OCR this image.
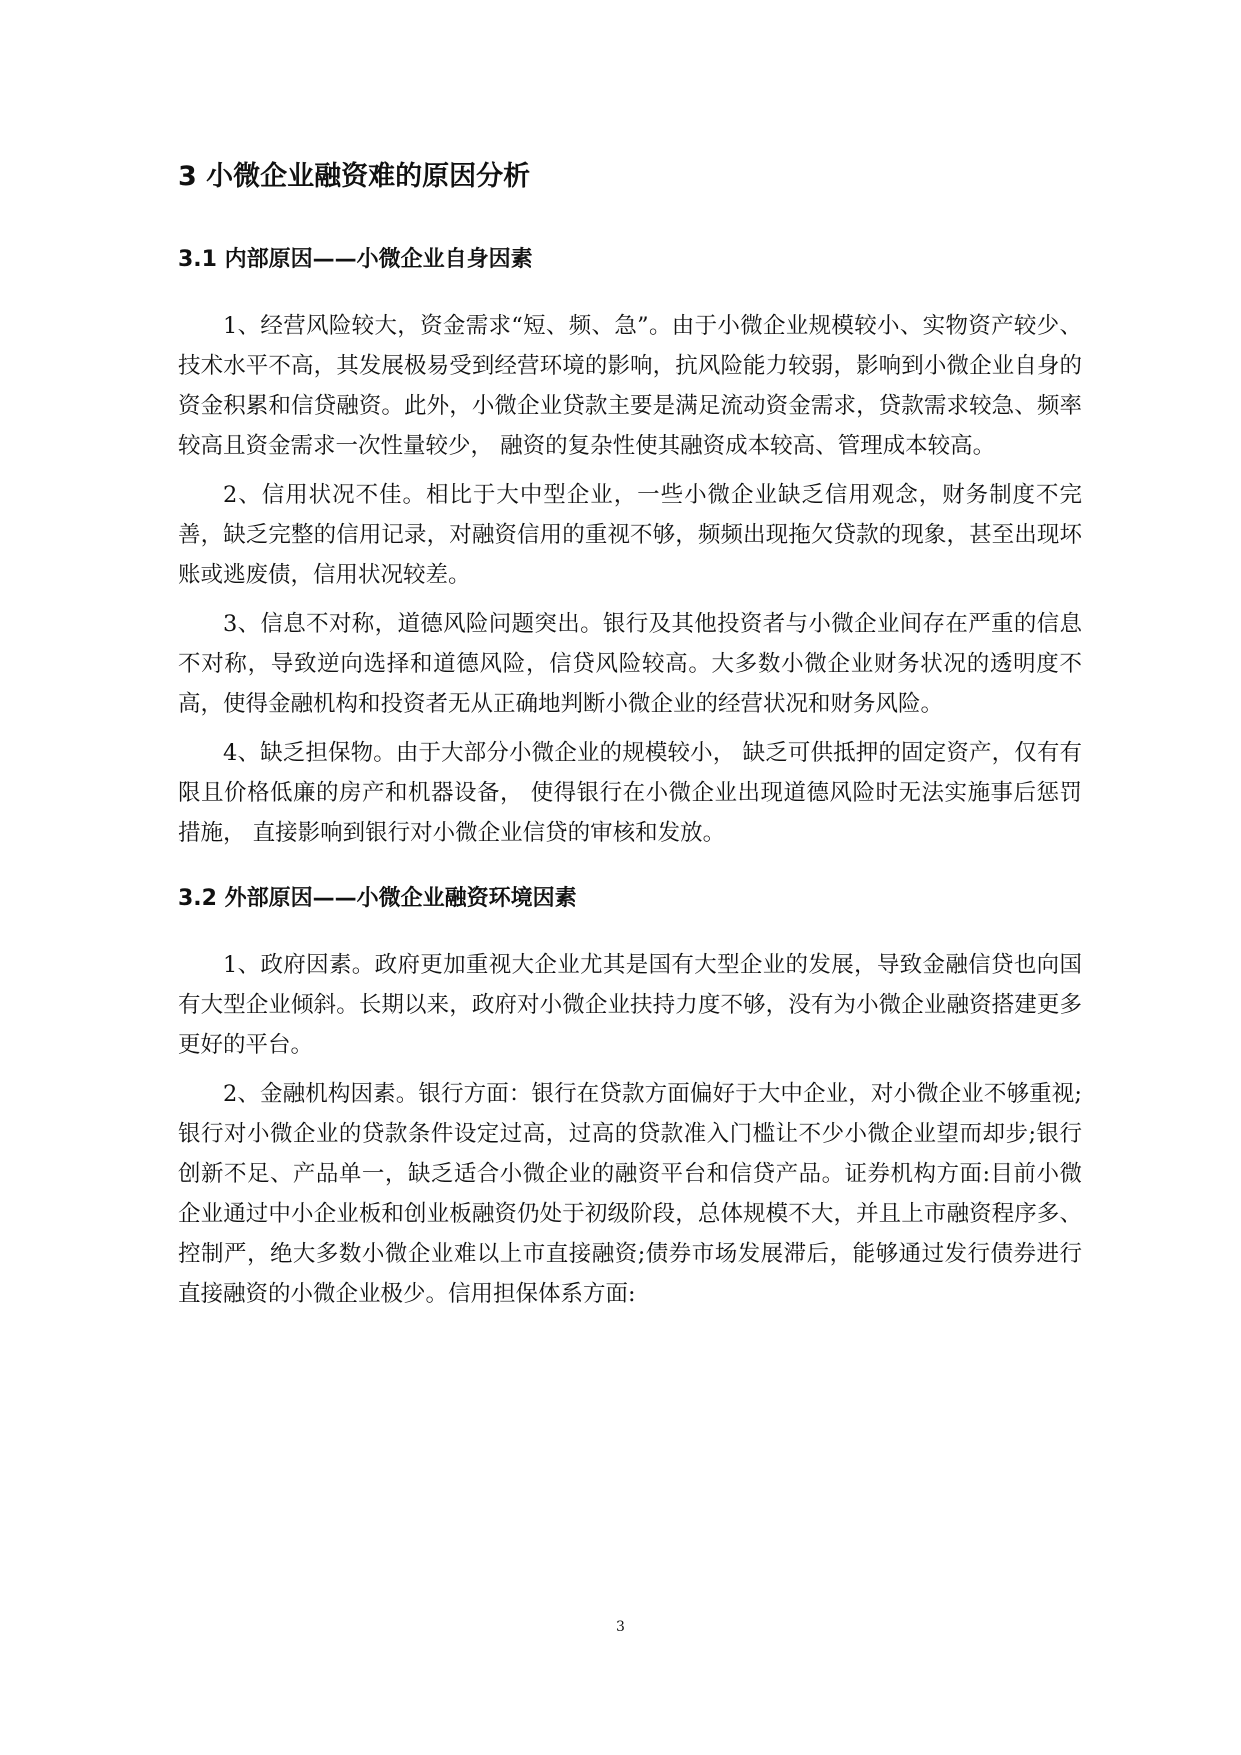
3 小微企业融资难的原因分析
3.1 内部原因——小微企业自身因素

1、经营风险较大，资金需求“短、频、急”。由于小微企业规模较小、实物资产较少、技术水平不高，其发展极易受到经营环境的影响，抗风险能力较弱，影响到小微企业自身的资金积累和信贷融资。此外，小微企业贷款主要是满足流动资金需求，贷款需求较急、频率较高且资金需求一次性量较少， 融资的复杂性使其融资成本较高、管理成本较高。

2、信用状况不佳。相比于大中型企业，一些小微企业缺乏信用观念，财务制度不完善，缺乏完整的信用记录，对融资信用的重视不够，频频出现拖欠贷款的现象，甚至出现坏账或逃废债，信用状况较差。

3、信息不对称，道德风险问题突出。银行及其他投资者与小微企业间存在严重的信息不对称，导致逆向选择和道德风险，信贷风险较高。大多数小微企业财务状况的透明度不高，使得金融机构和投资者无从正确地判断小微企业的经营状况和财务风险。

4、缺乏担保物。由于大部分小微企业的规模较小， 缺乏可供抵押的固定资产，仅有有限且价格低廉的房产和机器设备， 使得银行在小微企业出现道德风险时无法实施事后惩罚措施， 直接影响到银行对小微企业信贷的审核和发放。

3.2 外部原因——小微企业融资环境因素

1、政府因素。政府更加重视大企业尤其是国有大型企业的发展，导致金融信贷也向国有大型企业倾斜。长期以来，政府对小微企业扶持力度不够，没有为小微企业融资搭建更多更好的平台。

2、金融机构因素。银行方面：银行在贷款方面偏好于大中企业，对小微企业不够重视;银行对小微企业的贷款条件设定过高，过高的贷款准入门槛让不少小微企业望而却步;银行创新不足、产品单一，缺乏适合小微企业的融资平台和信贷产品。证券机构方面:目前小微企业通过中小企业板和创业板融资仍处于初级阶段，总体规模不大，并且上市融资程序多、控制严，绝大多数小微企业难以上市直接融资;债券市场发展滞后，能够通过发行债券进行直接融资的小微企业极少。信用担保体系方面:

3
